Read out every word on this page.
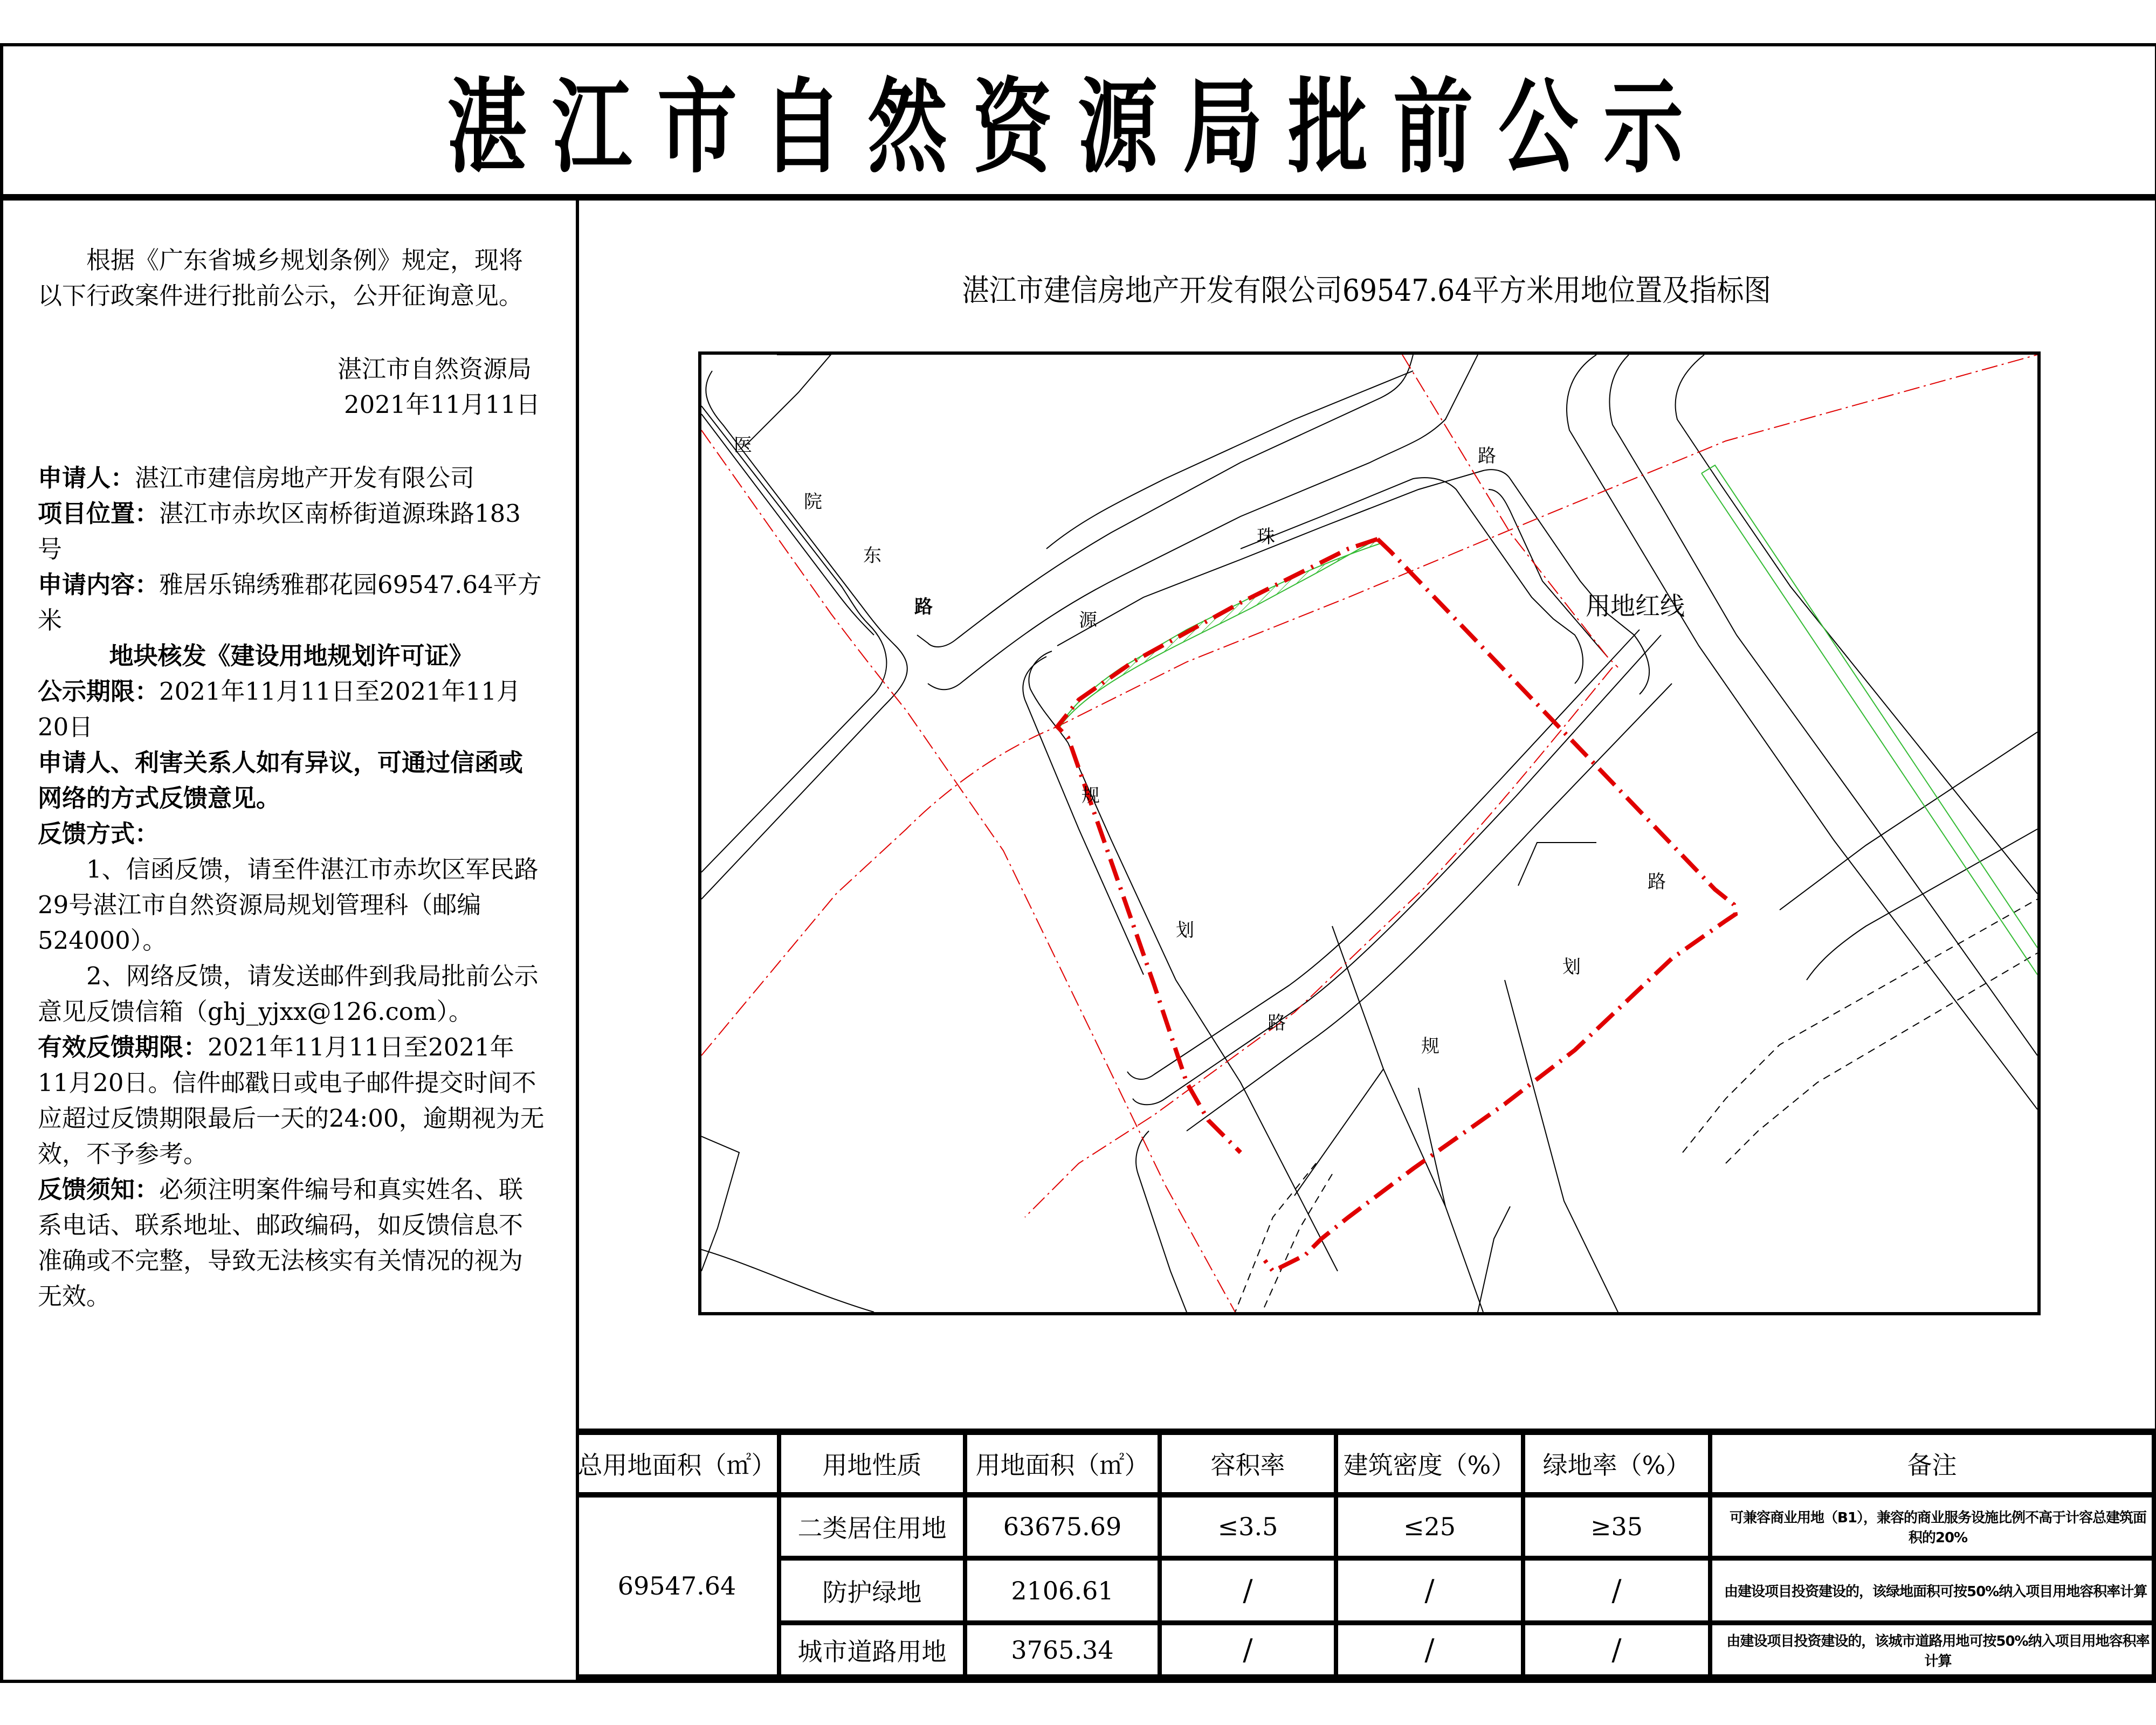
湛江市自然资源局批前公示

根据《广东省城乡规划条例》规定，现将以下行政案件进行批前公示，公开征询意见。

湛江市自然资源局

2021年11月11日

申请人：湛江市建信房地产开发有限公司

项目位置：湛江市赤坎区南桥街道源珠路183号

申请内容：雅居乐锦绣雅郡花园69547.64平方米

地块核发《建设用地规划许可证》

公示期限：2021年11月11日至2021年11月20日

申请人、利害关系人如有异议，可通过信函或网络的方式反馈意见。

反馈方式：

1、信函反馈，请至件湛江市赤坎区军民路29号湛江市自然资源局规划管理科（邮编524000）。

2、网络反馈，请发送邮件到我局批前公示意见反馈信箱（ghj_yjxx@126.com）。

有效反馈期限：2021年11月11日至2021年11月20日。信件邮戳日或电子邮件提交时间不应超过反馈期限最后一天的24:00，逾期视为无效，不予参考。

反馈须知：必须注明案件编号和真实姓名、联系电话、联系地址、邮政编码，如反馈信息不准确或不完整，导致无法核实有关情况的视为无效。

湛江市建信房地产开发有限公司69547.64平方米用地位置及指标图
用地红线
医
院
东
路
源
珠
路
规
划
路
规
划
路
总用地面积（㎡）	用地性质	用地面积（㎡）	容积率	建筑密度（%）	绿地率（%）	备注
69547.64
二类居住用地	63675.69	≤3.5	≤25	≥35	可兼容商业用地（B1），兼容的商业服务设施比例不高于计容总建筑面积的20%
防护绿地	2106.61	/	/	/	由建设项目投资建设的，该绿地面积可按50%纳入项目用地容积率计算
城市道路用地	3765.34	/	/	/	由建设项目投资建设的，该城市道路用地可按50%纳入项目用地容积率计算
